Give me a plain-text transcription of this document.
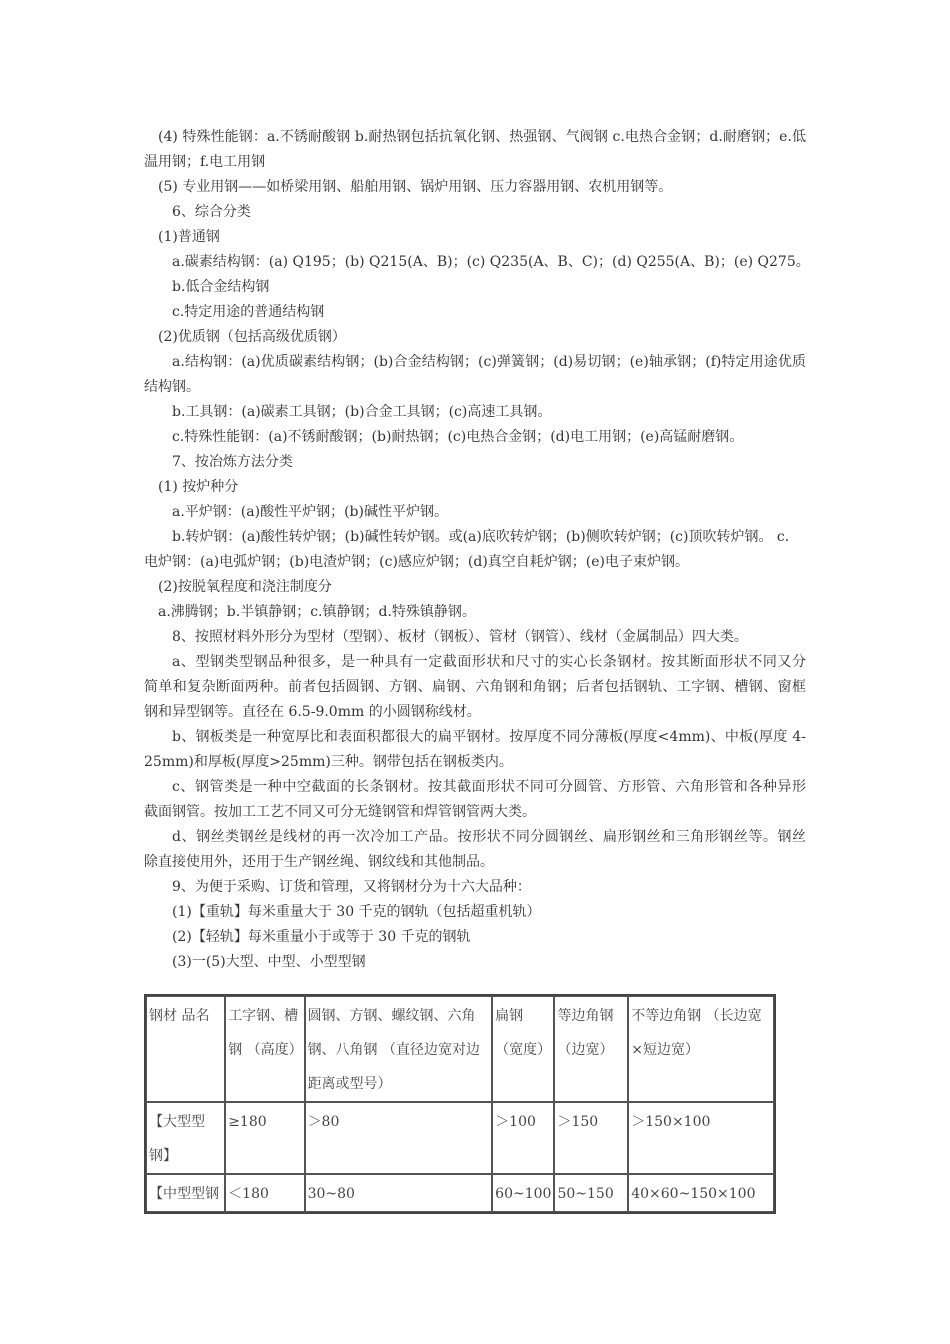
(4) 特殊性能钢：a.不锈耐酸钢 b.耐热钢包括抗氧化钢、热强钢、气阀钢 c.电热合金钢；d.耐磨钢；e.低
温用钢；f.电工用钢
(5) 专业用钢——如桥梁用钢、船舶用钢、锅炉用钢、压力容器用钢、农机用钢等。
6、综合分类
(1)普通钢
a.碳素结构钢：(a) Q195；(b) Q215(A、B)；(c) Q235(A、B、C)；(d) Q255(A、B)；(e) Q275。
b.低合金结构钢
c.特定用途的普通结构钢
(2)优质钢（包括高级优质钢）
a.结构钢：(a)优质碳素结构钢；(b)合金结构钢；(c)弹簧钢；(d)易切钢；(e)轴承钢；(f)特定用途优质
结构钢。
b.工具钢：(a)碳素工具钢；(b)合金工具钢；(c)高速工具钢。
c.特殊性能钢：(a)不锈耐酸钢；(b)耐热钢；(c)电热合金钢；(d)电工用钢；(e)高锰耐磨钢。
7、按冶炼方法分类
(1) 按炉种分
a.平炉钢：(a)酸性平炉钢；(b)碱性平炉钢。
b.转炉钢：(a)酸性转炉钢；(b)碱性转炉钢。或(a)底吹转炉钢；(b)侧吹转炉钢；(c)顶吹转炉钢。 c.
电炉钢：(a)电弧炉钢；(b)电渣炉钢；(c)感应炉钢；(d)真空自耗炉钢；(e)电子束炉钢。
(2)按脱氧程度和浇注制度分
a.沸腾钢；b.半镇静钢；c.镇静钢；d.特殊镇静钢。
8、按照材料外形分为型材（型钢）、板材（钢板）、管材（钢管）、线材（金属制品）四大类。
a、型钢类型钢品种很多，是一种具有一定截面形状和尺寸的实心长条钢材。按其断面形状不同又分
简单和复杂断面两种。前者包括圆钢、方钢、扁钢、六角钢和角钢；后者包括钢轨、工字钢、槽钢、窗框
钢和异型钢等。直径在 6.5-9.0mm 的小圆钢称线材。
b、钢板类是一种宽厚比和表面积都很大的扁平钢材。按厚度不同分薄板(厚度<4mm)、中板(厚度 4-
25mm)和厚板(厚度>25mm)三种。钢带包括在钢板类内。
c、钢管类是一种中空截面的长条钢材。按其截面形状不同可分圆管、方形管、六角形管和各种异形
截面钢管。按加工工艺不同又可分无缝钢管和焊管钢管两大类。
d、钢丝类钢丝是线材的再一次冷加工产品。按形状不同分圆钢丝、扁形钢丝和三角形钢丝等。钢丝
除直接使用外，还用于生产钢丝绳、钢纹线和其他制品。
9、为便于采购、订货和管理，又将钢材分为十六大品种：
(1)【重轨】每米重量大于 30 千克的钢轨（包括超重机轨）
(2)【轻轨】每米重量小于或等于 30 千克的钢轨
(3)一(5)大型、中型、小型型钢
钢材 品名	工字钢、槽钢 （高度）	圆钢、方钢、螺纹钢、六角钢、八角钢 （直径边宽对边距离或型号）	扁钢 （宽度）	等边角钢 （边宽）	不等边角钢 （长边宽×短边宽）
【大型型钢】	≥180	＞80	＞100	＞150	＞150×100
【中型型钢	＜180	30~80	60~100	50~150	40×60~150×100
